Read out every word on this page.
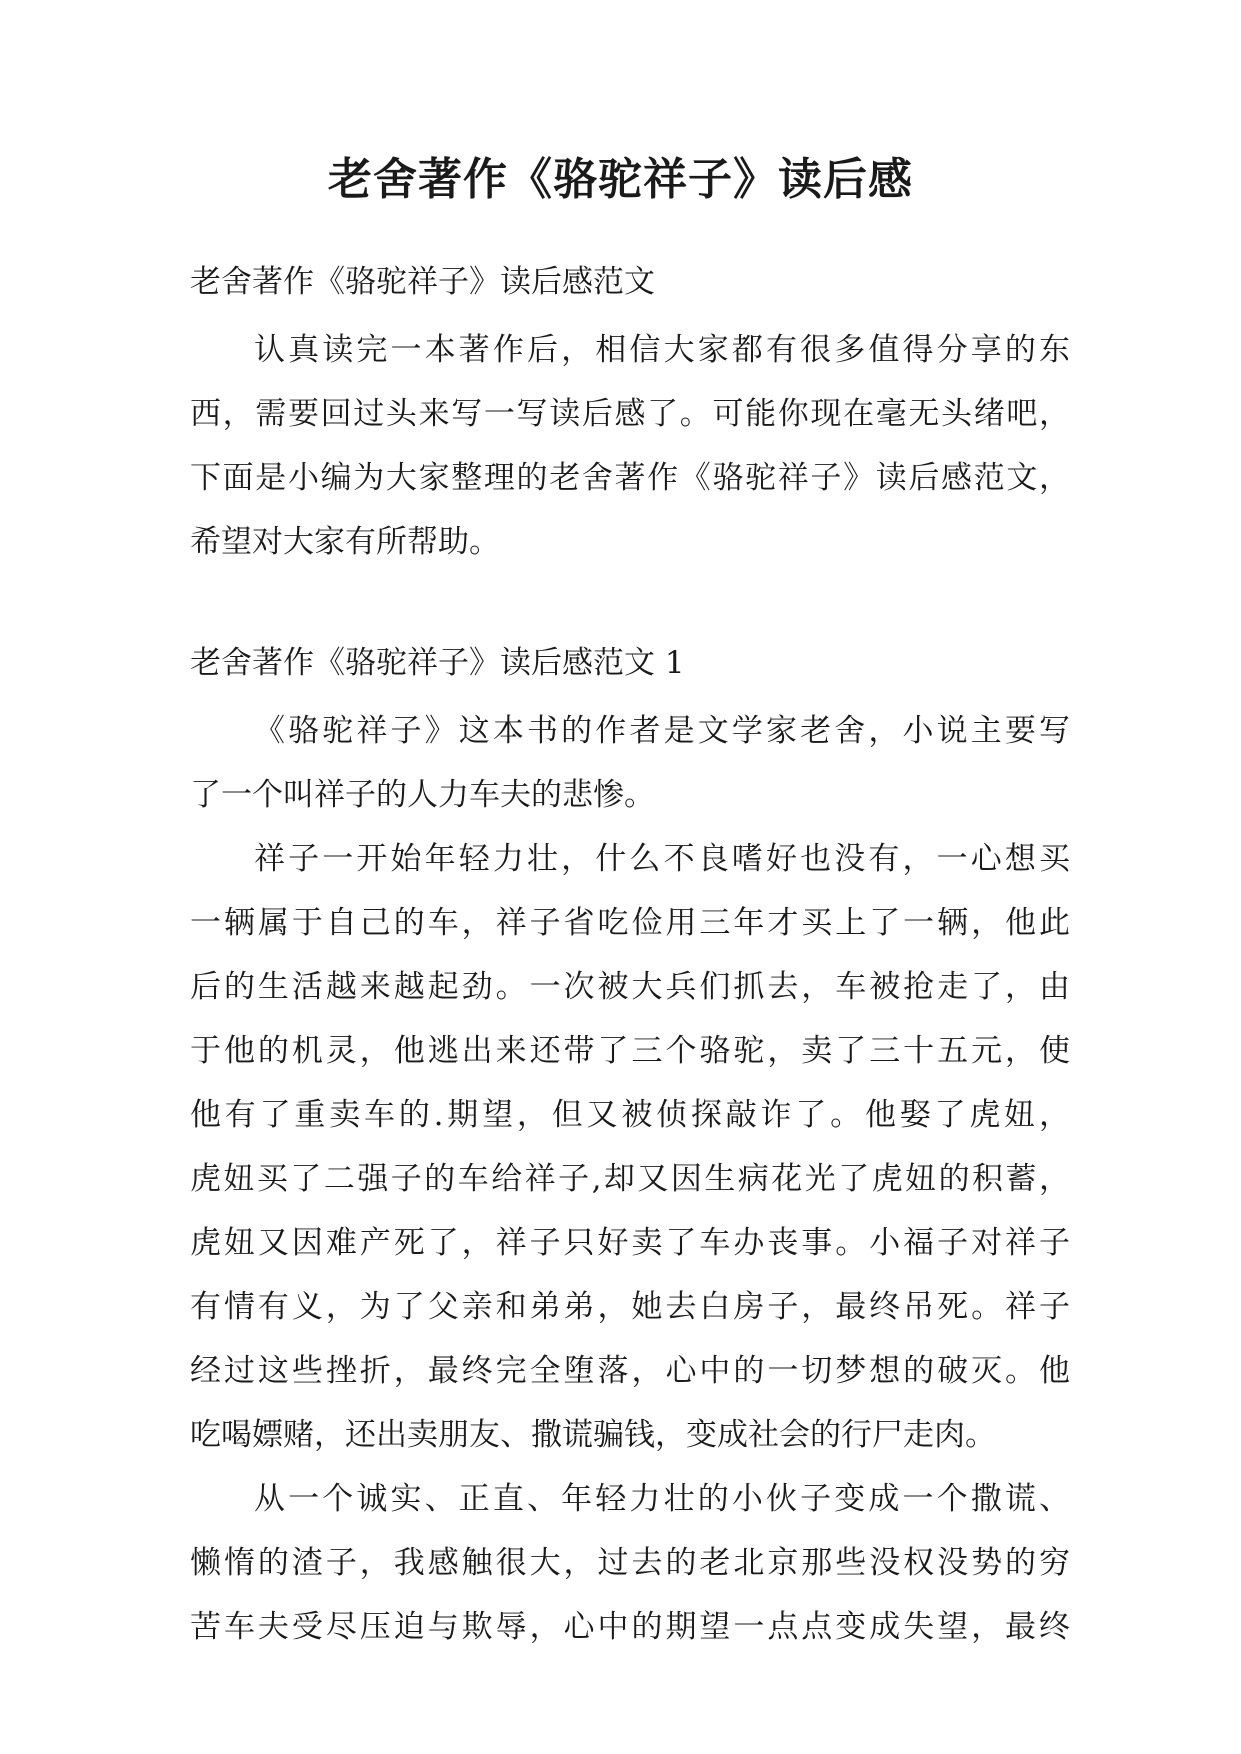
老舍著作《骆驼祥子》读后感
老舍著作《骆驼祥子》读后感范文
认真读完一本著作后，相信大家都有很多值得分享的东
西，需要回过头来写一写读后感了。可能你现在毫无头绪吧，
下面是小编为大家整理的老舍著作《骆驼祥子》读后感范文，
希望对大家有所帮助。
老舍著作《骆驼祥子》读后感范文 1
《骆驼祥子》这本书的作者是文学家老舍，小说主要写
了一个叫祥子的人力车夫的悲惨。
祥子一开始年轻力壮，什么不良嗜好也没有，一心想买
一辆属于自己的车，祥子省吃俭用三年才买上了一辆，他此
后的生活越来越起劲。一次被大兵们抓去，车被抢走了，由
于他的机灵，他逃出来还带了三个骆驼，卖了三十五元，使
他有了重卖车的.期望，但又被侦探敲诈了。他娶了虎妞，
虎妞买了二强子的车给祥子,却又因生病花光了虎妞的积蓄，
虎妞又因难产死了，祥子只好卖了车办丧事。小福子对祥子
有情有义，为了父亲和弟弟，她去白房子，最终吊死。祥子
经过这些挫折，最终完全堕落，心中的一切梦想的破灭。他
吃喝嫖赌，还出卖朋友、撒谎骗钱，变成社会的行尸走肉。
从一个诚实、正直、年轻力壮的小伙子变成一个撒谎、
懒惰的渣子，我感触很大，过去的老北京那些没权没势的穷
苦车夫受尽压迫与欺辱，心中的期望一点点变成失望，最终
